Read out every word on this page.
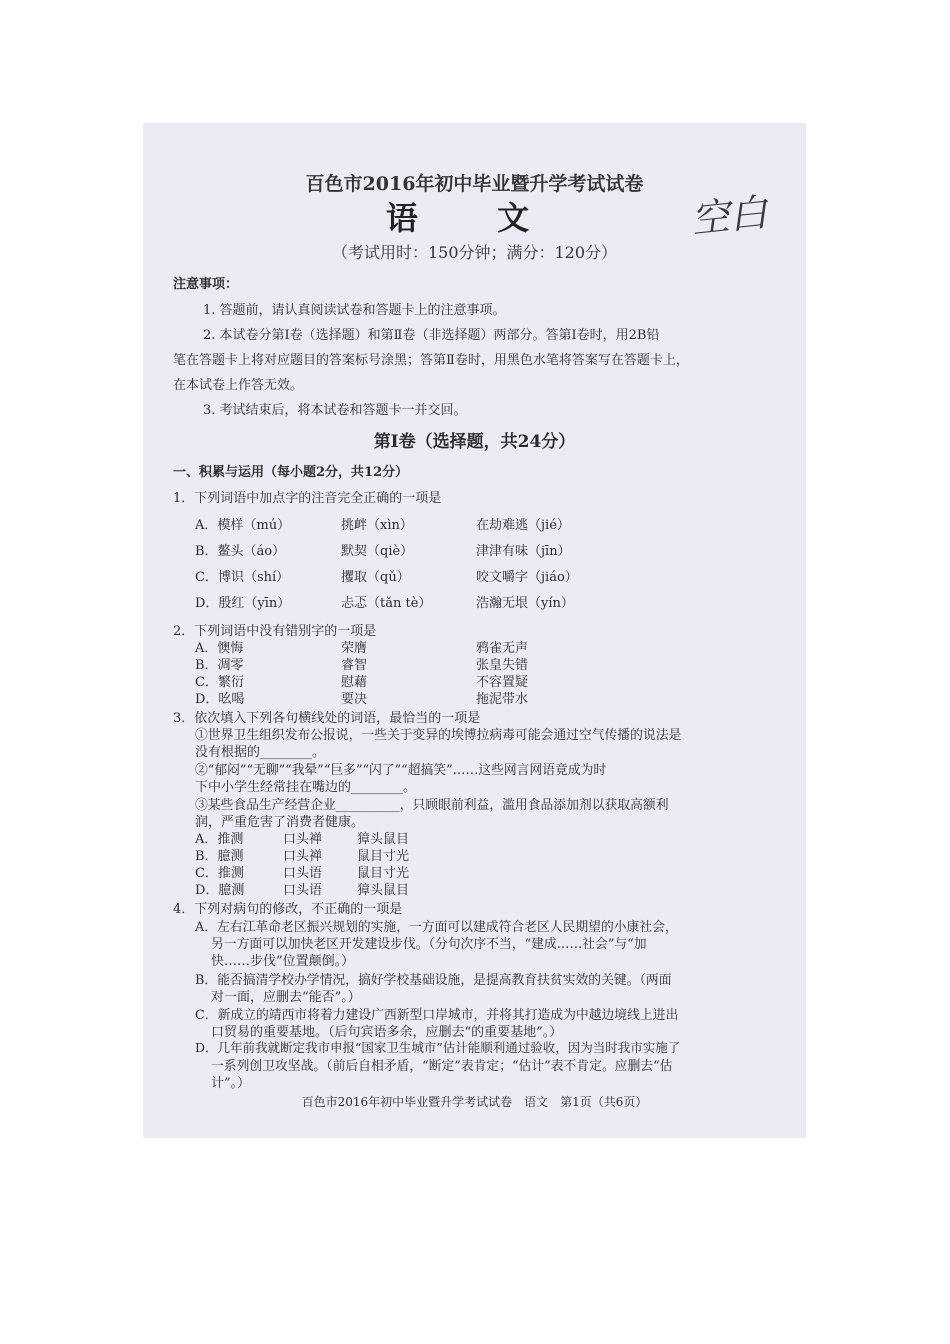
百色市2016年初中毕业暨升学考试试卷
语 文
（考试用时：150分钟；满分：120分）
空白
注意事项：
1. 答题前，请认真阅读试卷和答题卡上的注意事项。
2. 本试卷分第Ⅰ卷（选择题）和第Ⅱ卷（非选择题）两部分。答第Ⅰ卷时，用2B铅
笔在答题卡上将对应题目的答案标号涂黑；答第Ⅱ卷时，用黑色水笔将答案写在答题卡上，
在本试卷上作答无效。
3. 考试结束后，将本试卷和答题卡一并交回。
第Ⅰ卷（选择题，共24分）
一、积累与运用（每小题2分，共12分）
1．下列词语中加点字的注音完全正确的一项是
A．模样（mú）	挑衅（xìn）	在劫难逃（jié）
B．鳌头（áo）	默契（qiè）	津津有味（jīn）
C．博识（shí）	攫取（qǔ）	咬文嚼字（jiáo）
D．殷红（yīn）	忐忑（tǎn tè）	浩瀚无垠（yín）
2．下列词语中没有错别字的一项是
A．懊悔	荣膺	鸦雀无声
B．凋零	睿智	张皇失错
C．繁衍	慰藉	不容置疑
D．吆喝	要决	拖泥带水
3．依次填入下列各句横线处的词语，最恰当的一项是
①世界卫生组织发布公报说，一些关于变异的埃博拉病毒可能会通过空气传播的说法是
没有根据的________。
②“郁闷”“无聊”“我晕”“巨多”“闪了”“超搞笑”……这些网言网语竟成为时
下中小学生经常挂在嘴边的________。
③某些食品生产经营企业__________，只顾眼前利益，滥用食品添加剂以获取高额利
润，严重危害了消费者健康。
A．推测	口头禅	獐头鼠目
B．臆测	口头禅	鼠目寸光
C．推测	口头语	鼠目寸光
D．臆测	口头语	獐头鼠目
4．下列对病句的修改，不正确的一项是
A．左右江革命老区振兴规划的实施，一方面可以建成符合老区人民期望的小康社会，
另一方面可以加快老区开发建设步伐。（分句次序不当，“建成……社会”与“加
快……步伐”位置颠倒。）
B．能否搞清学校办学情况，搞好学校基础设施，是提高教育扶贫实效的关键。（两面
对一面，应删去“能否”。）
C．新成立的靖西市将着力建设广西新型口岸城市，并将其打造成为中越边境线上进出
口贸易的重要基地。（后句宾语多余，应删去“的重要基地”。）
D．几年前我就断定我市申报“国家卫生城市”估计能顺利通过验收，因为当时我市实施了
一系列创卫攻坚战。（前后自相矛盾，“断定”表肯定；“估计”表不肯定。应删去“估
计”。）
百色市2016年初中毕业暨升学考试试卷　语文　第1页（共6页）
